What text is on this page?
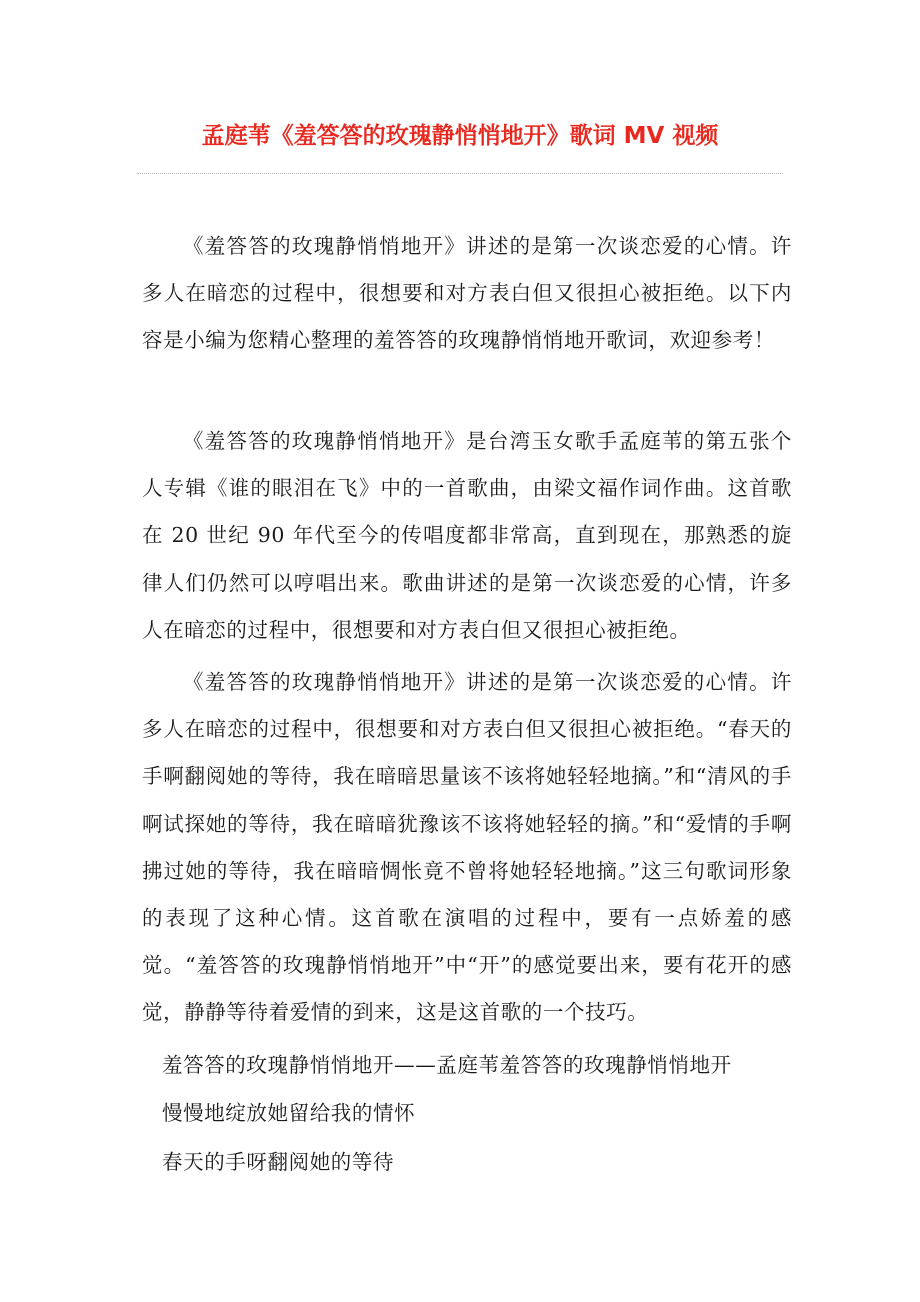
孟庭苇《羞答答的玫瑰静悄悄地开》歌词 MV 视频

《羞答答的玫瑰静悄悄地开》讲述的是第一次谈恋爱的心情。许多人在暗恋的过程中，很想要和对方表白但又很担心被拒绝。以下内容是小编为您精心整理的羞答答的玫瑰静悄悄地开歌词，欢迎参考！

《羞答答的玫瑰静悄悄地开》是台湾玉女歌手孟庭苇的第五张个人专辑《谁的眼泪在飞》中的一首歌曲，由梁文福作词作曲。这首歌在 20 世纪 90 年代至今的传唱度都非常高，直到现在，那熟悉的旋律人们仍然可以哼唱出来。歌曲讲述的是第一次谈恋爱的心情，许多人在暗恋的过程中，很想要和对方表白但又很担心被拒绝。

《羞答答的玫瑰静悄悄地开》讲述的是第一次谈恋爱的心情。许多人在暗恋的过程中，很想要和对方表白但又很担心被拒绝。“春天的手啊翻阅她的等待，我在暗暗思量该不该将她轻轻地摘。”和“清风的手啊试探她的等待，我在暗暗犹豫该不该将她轻轻的摘。”和“爱情的手啊拂过她的等待，我在暗暗惆怅竟不曾将她轻轻地摘。”这三句歌词形象的表现了这种心情。这首歌在演唱的过程中，要有一点娇羞的感觉。“羞答答的玫瑰静悄悄地开”中“开”的感觉要出来，要有花开的感觉，静静等待着爱情的到来，这是这首歌的一个技巧。

羞答答的玫瑰静悄悄地开——孟庭苇羞答答的玫瑰静悄悄地开

慢慢地绽放她留给我的情怀

春天的手呀翻阅她的等待
